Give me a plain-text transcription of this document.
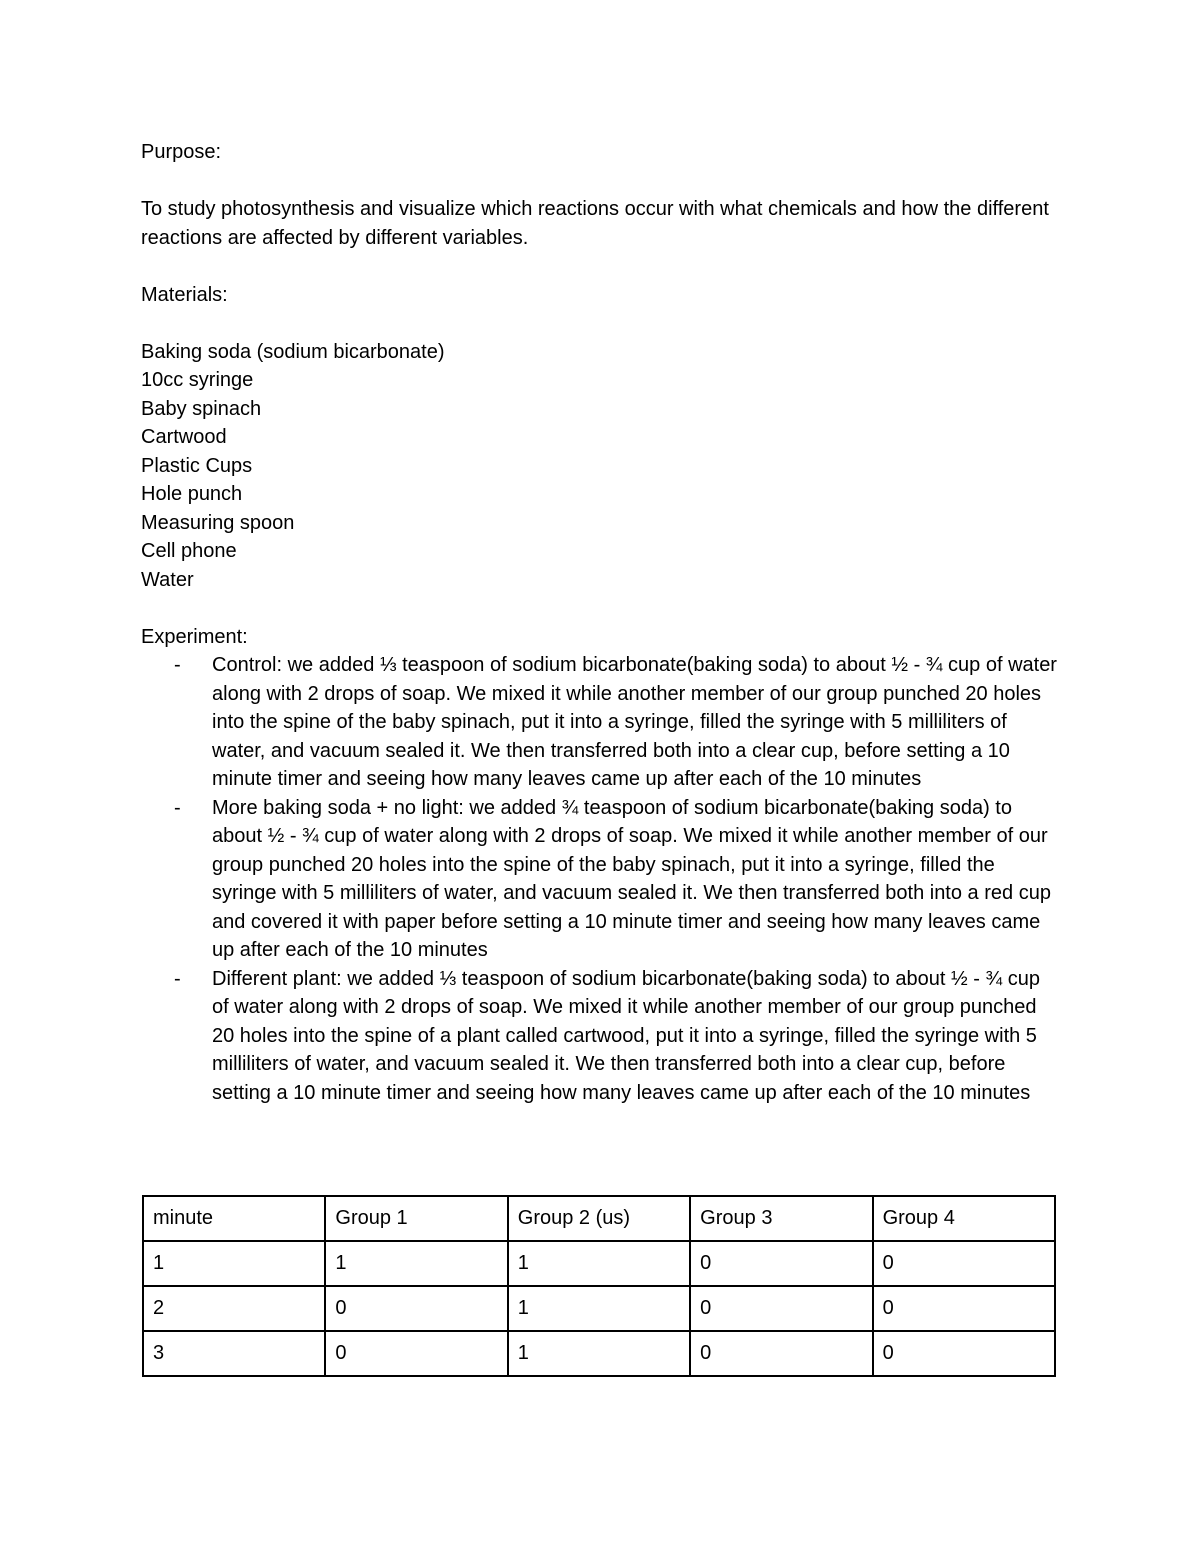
Purpose:

To study photosynthesis and visualize which reactions occur with what chemicals and how the different reactions are affected by different variables.

Materials:

Baking soda (sodium bicarbonate)
10cc syringe
Baby spinach
Cartwood
Plastic Cups
Hole punch
Measuring spoon
Cell phone
Water

Experiment:

- Control: we added ⅓ teaspoon of sodium bicarbonate(baking soda) to about ½ - ¾ cup of water along with 2 drops of soap. We mixed it while another member of our group punched 20 holes into the spine of the baby spinach, put it into a syringe, filled the syringe with 5 milliliters of water, and vacuum sealed it. We then transferred both into a clear cup, before setting a 10 minute timer and seeing how many leaves came up after each of the 10 minutes
- More baking soda + no light: we added ¾ teaspoon of sodium bicarbonate(baking soda) to about ½ - ¾ cup of water along with 2 drops of soap. We mixed it while another member of our group punched 20 holes into the spine of the baby spinach, put it into a syringe, filled the syringe with 5 milliliters of water, and vacuum sealed it. We then transferred both into a red cup and covered it with paper before setting a 10 minute timer and seeing how many leaves came up after each of the 10 minutes
- Different plant: we added ⅓ teaspoon of sodium bicarbonate(baking soda) to about ½ - ¾ cup of water along with 2 drops of soap. We mixed it while another member of our group punched 20 holes into the spine of a plant called cartwood, put it into a syringe, filled the syringe with 5 milliliters of water, and vacuum sealed it. We then transferred both into a clear cup, before setting a 10 minute timer and seeing how many leaves came up after each of the 10 minutes
minute	Group 1	Group 2 (us)	Group 3	Group 4
1	1	1	0	0
2	0	1	0	0
3	0	1	0	0
